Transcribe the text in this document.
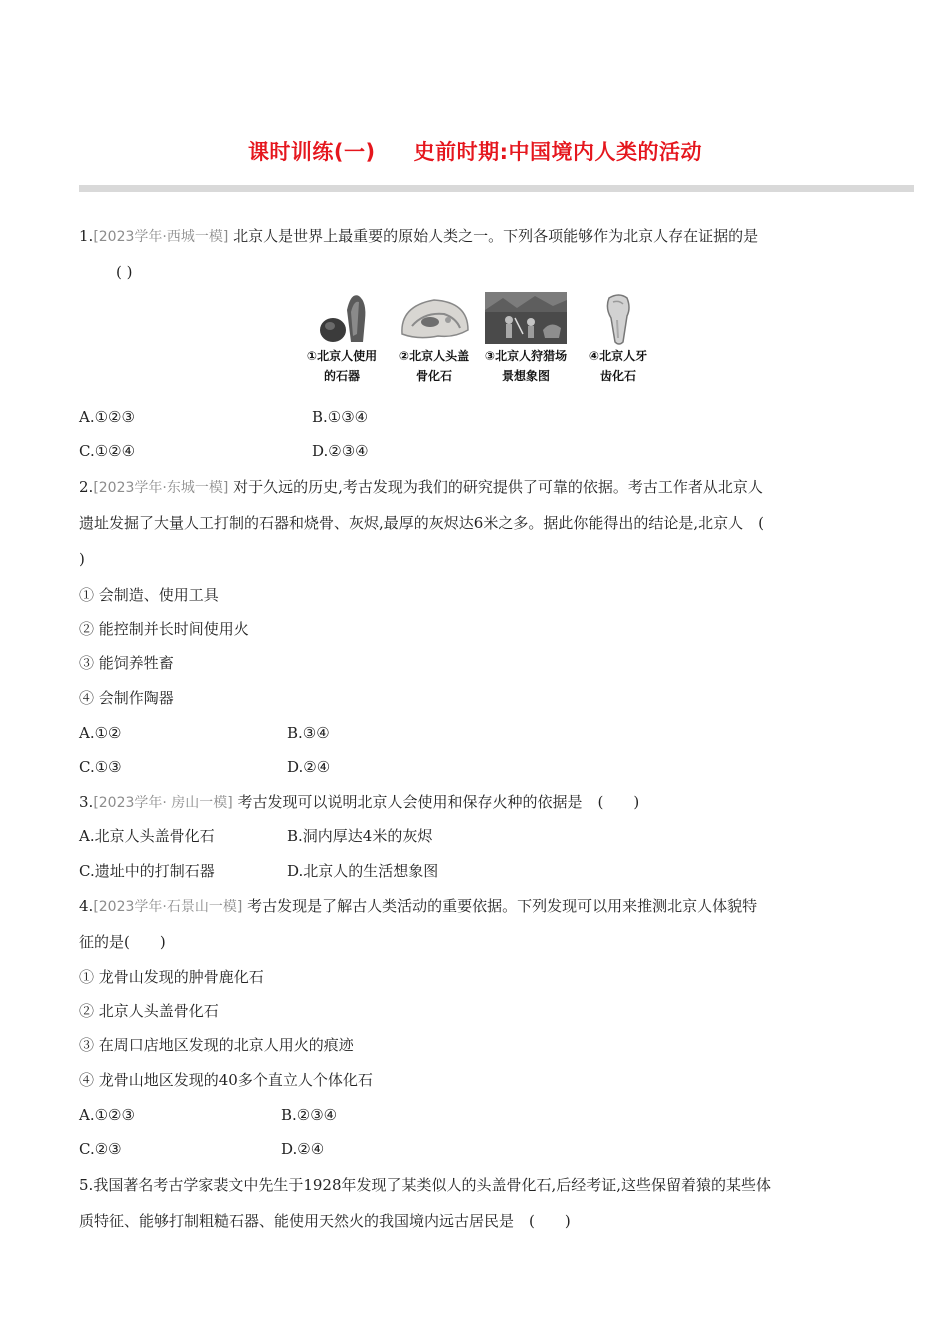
课时训练(一) 史前时期:中国境内人类的活动
1.[2023学年·西城一模] 北京人是世界上最重要的原始人类之一。下列各项能够作为北京人存在证据的是
( )
①北京人使用
的石器
②北京人头盖
骨化石
③北京人狩猎场
景想象图
④北京人牙
齿化石
A.①②③	B.①③④
C.①②④	D.②③④
2.[2023学年·东城一模] 对于久远的历史,考古发现为我们的研究提供了可靠的依据。考古工作者从北京人
遗址发掘了大量人工打制的石器和烧骨、灰烬,最厚的灰烬达6米之多。据此你能得出的结论是,北京人　(
)
① 会制造、使用工具
② 能控制并长时间使用火
③ 能饲养牲畜
④ 会制作陶器
A.①②	B.③④
C.①③	D.②④
3.[2023学年· 房山一模] 考古发现可以说明北京人会使用和保存火种的依据是　(　　)
A.北京人头盖骨化石	B.洞内厚达4米的灰烬
C.遗址中的打制石器	D.北京人的生活想象图
4.[2023学年·石景山一模] 考古发现是了解古人类活动的重要依据。下列发现可以用来推测北京人体貌特
征的是(　　)
① 龙骨山发现的肿骨鹿化石
② 北京人头盖骨化石
③ 在周口店地区发现的北京人用火的痕迹
④ 龙骨山地区发现的40多个直立人个体化石
A.①②③	B.②③④
C.②③	D.②④
5.我国著名考古学家裴文中先生于1928年发现了某类似人的头盖骨化石,后经考证,这些保留着猿的某些体
质特征、能够打制粗糙石器、能使用天然火的我国境内远古居民是　(　　)
